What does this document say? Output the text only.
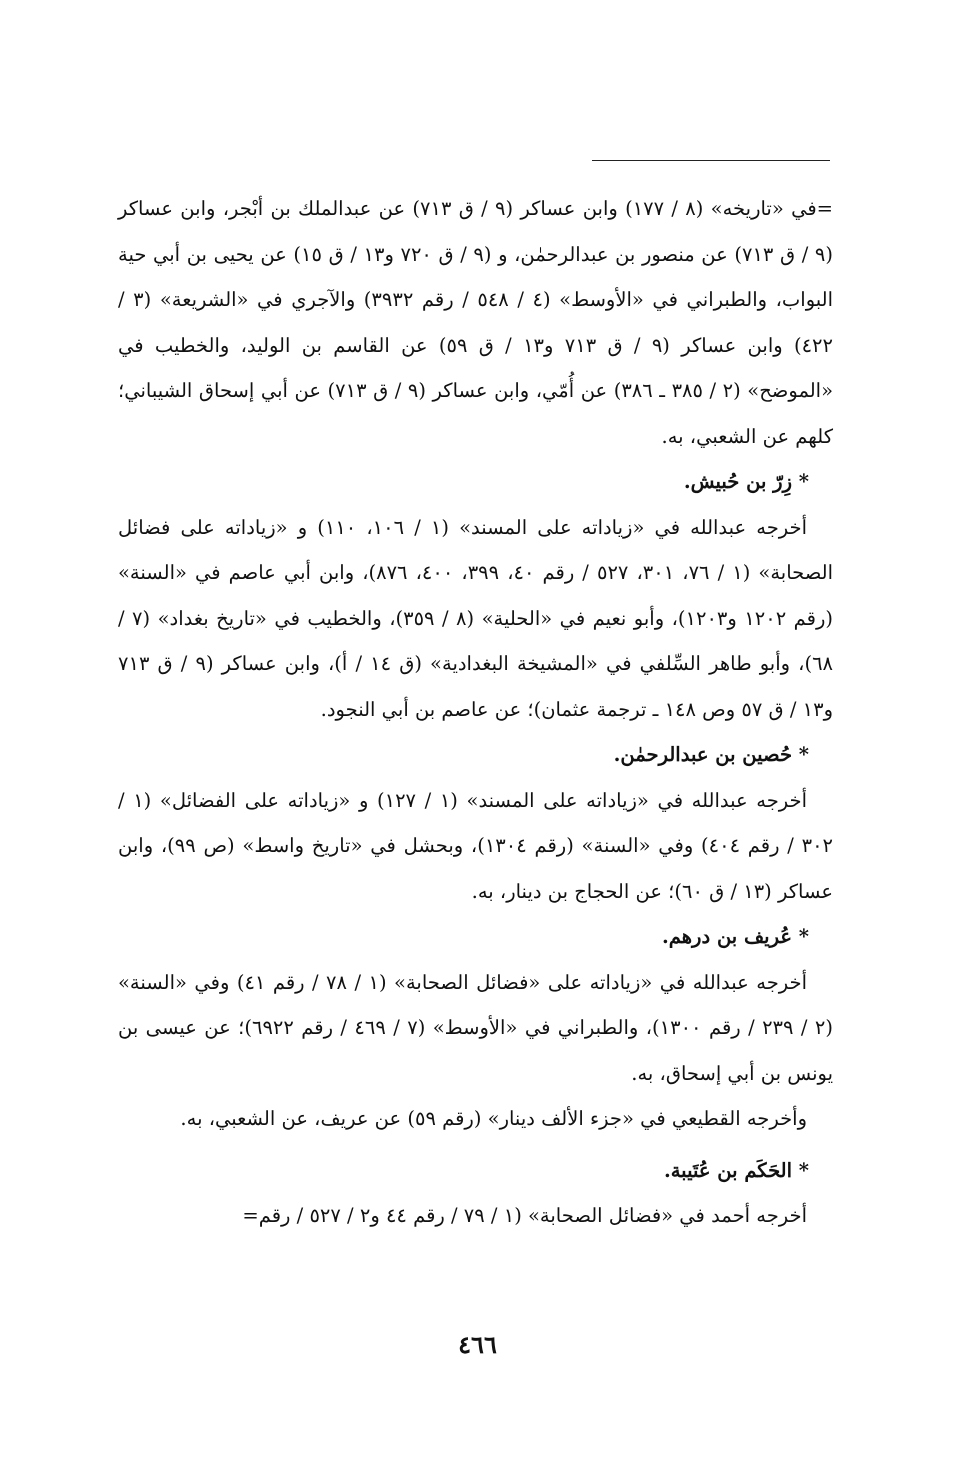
=في «تاريخه» (٨ / ١٧٧) وابن عساكر (٩ / ق ٧١٣) عن عبدالملك بن أبْجر، وابن عساكر (٩ / ق ٧١٣) عن منصور بن عبدالرحمٰن، و (٩ / ق ٧٢٠ و١٣ / ق ١٥) عن يحيى بن أبي حية البواب، والطبراني في «الأوسط» (٤ / ٥٤٨ / رقم ٣٩٣٢) والآجري في «الشريعة» (٣ / ٤٢٢) وابن عساكر (٩ / ق ٧١٣ و١٣ / ق ٥٩) عن القاسم بن الوليد، والخطيب في «الموضح» (٢ / ٣٨٥ ـ ٣٨٦) عن أُمّي، وابن عساكر (٩ / ق ٧١٣) عن أبي إسحاق الشيباني؛ كلهم عن الشعبي، به.

* زِرّ بن حُبيش.

أخرجه عبدالله في «زياداته على المسند» (١ / ١٠٦، ١١٠) و «زياداته على فضائل الصحابة» (١ / ٧٦، ٣٠١، ٥٢٧ / رقم ٤٠، ٣٩٩، ٤٠٠، ٨٧٦)، وابن أبي عاصم في «السنة» (رقم ١٢٠٢ و١٢٠٣)، وأبو نعيم في «الحلية» (٨ / ٣٥٩)، والخطيب في «تاريخ بغداد» (٧ / ٦٨)، وأبو طاهر السِّلفي في «المشيخة البغدادية» (ق ١٤ / أ)، وابن عساكر (٩ / ق ٧١٣ و١٣ / ق ٥٧ وص ١٤٨ ـ ترجمة عثمان)؛ عن عاصم بن أبي النجود.

* حُصين بن عبدالرحمٰن.

أخرجه عبدالله في «زياداته على المسند» (١ / ١٢٧) و «زياداته على الفضائل» (١ / ٣٠٢ / رقم ٤٠٤) وفي «السنة» (رقم ١٣٠٤)، وبحشل في «تاريخ واسط» (ص ٩٩)، وابن عساكر (١٣ / ق ٦٠)؛ عن الحجاج بن دينار، به.

* عُريف بن درهم.

أخرجه عبدالله في «زياداته على «فضائل الصحابة» (١ / ٧٨ / رقم ٤١) وفي «السنة» (٢ / ٢٣٩ / رقم ١٣٠٠)، والطبراني في «الأوسط» (٧ / ٤٦٩ / رقم ٦٩٢٢)؛ عن عيسى بن يونس بن أبي إسحاق، به.

وأخرجه القطيعي في «جزء الألف دينار» (رقم ٥٩) عن عريف، عن الشعبي، به.

* الحَكَم بن عُتَيبة.

أخرجه أحمد في «فضائل الصحابة» (١ / ٧٩ / رقم ٤٤ و٢ / ٥٢٧ / رقم=

٤٦٦
